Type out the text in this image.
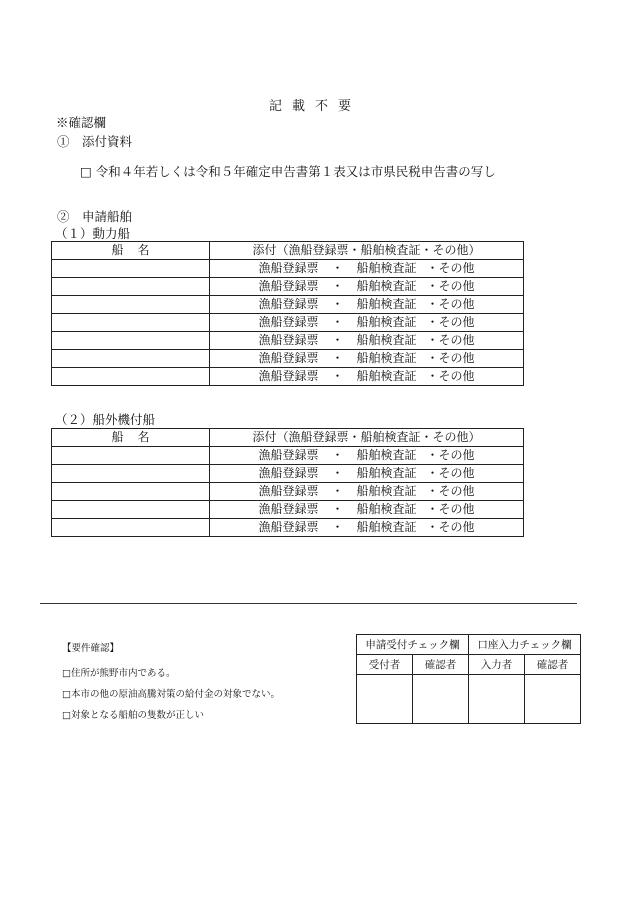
記載不要
※確認欄
①　添付資料
□ 令和４年若しくは令和５年確定申告書第１表又は市県民税申告書の写し
②　申請船舶
（１）動力船
船名	添付（漁船登録票・船舶検査証・その他）
	漁船登録票 ・ 船舶検査証 ・その他
	漁船登録票 ・ 船舶検査証 ・その他
	漁船登録票 ・ 船舶検査証 ・その他
	漁船登録票 ・ 船舶検査証 ・その他
	漁船登録票 ・ 船舶検査証 ・その他
	漁船登録票 ・ 船舶検査証 ・その他
	漁船登録票 ・ 船舶検査証 ・その他
（２）船外機付船
船名	添付（漁船登録票・船舶検査証・その他）
	漁船登録票 ・ 船舶検査証 ・その他
	漁船登録票 ・ 船舶検査証 ・その他
	漁船登録票 ・ 船舶検査証 ・その他
	漁船登録票 ・ 船舶検査証 ・その他
	漁船登録票 ・ 船舶検査証 ・その他
【要件確認】
□住所が熊野市内である。
□本市の他の原油高騰対策の給付金の対象でない。
□対象となる船舶の隻数が正しい
申請受付チェック欄		口座入力チェック欄	
受付者	確認者	入力者	確認者
